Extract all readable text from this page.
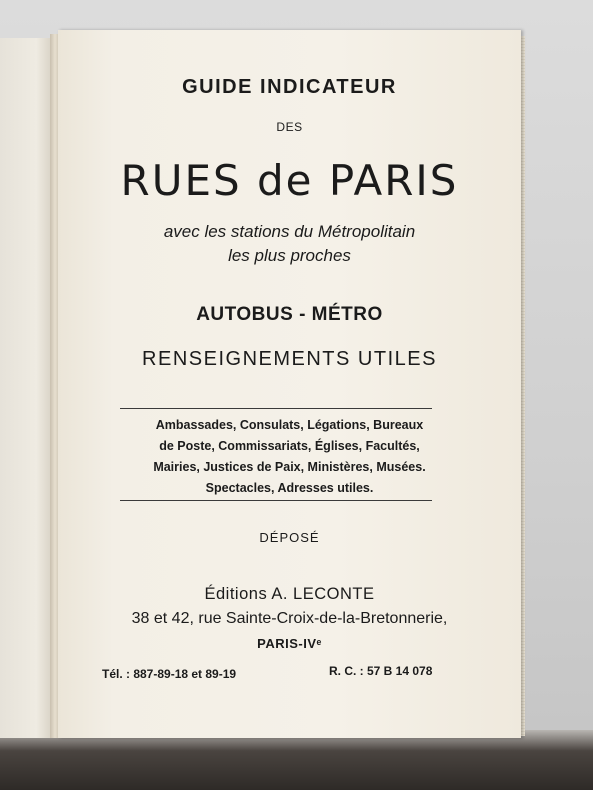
GUIDE INDICATEUR
DES
RUES de PARIS
avec les stations du Métropolitain
les plus proches
AUTOBUS - MÉTRO
RENSEIGNEMENTS UTILES
Ambassades, Consulats, Légations, Bureaux
de Poste, Commissariats, Églises, Facultés,
Mairies, Justices de Paix, Ministères, Musées.
Spectacles, Adresses utiles.
DÉPOSÉ
Éditions A. LECONTE
38 et 42, rue Sainte-Croix-de-la-Bretonnerie,
PARIS-IVᵉ
Tél. : 887-89-18 et 89-19	R. C. : 57 B 14 078
